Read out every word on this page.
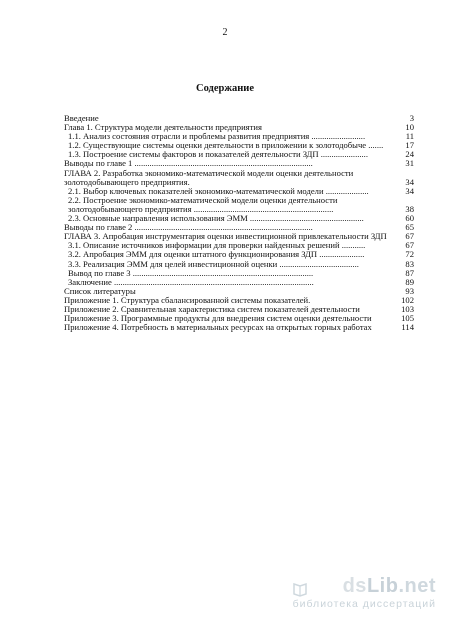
2
Содержание
Введение	3
Глава 1. Структура модели деятельности предприятия	10
1.1. Анализ состояния отрасли и проблемы развития предприятия .........................	11
1.2. Существующие системы оценки деятельности в приложении к золотодобыче .......	17
1.3. Построение системы факторов и показателей деятельности ЗДП ......................	24
Выводы по главе 1 ...................................................................................	31
ГЛАВА 2. Разработка экономико-математической модели оценки деятельности золотодобывающего предприятия.	34
2.1. Выбор ключевых показателей экономико-математической модели ....................	34
2.2. Построение экономико-математической модели оценки деятельности золотодобывающего предприятия .................................................................	38
2.3. Основные направления использования ЭММ .....................................................	60
Выводы по главе 2 ...................................................................................	65
ГЛАВА 3. Апробация инструментария оценки инвестиционной привлекательности ЗДП	67
3.1. Описание источников информации для проверки найденных решений ...........	67
3.2. Апробация ЭММ для оценки штатного функционирования ЗДП .....................	72
3.3. Реализация ЭММ для целей инвестиционной оценки .....................................	83
Вывод по главе 3 ....................................................................................	87
Заключение .............................................................................................	89
Список литературы	93
Приложение 1. Структура сбалансированной системы показателей.	102
Приложение 2. Сравнительная характеристика систем показателей деятельности	103
Приложение 3. Программные продукты для внедрения систем оценки деятельности	105
Приложение 4. Потребность в материальных ресурсах на открытых горных работах	114
dsLib.net
библиотека диссертаций
